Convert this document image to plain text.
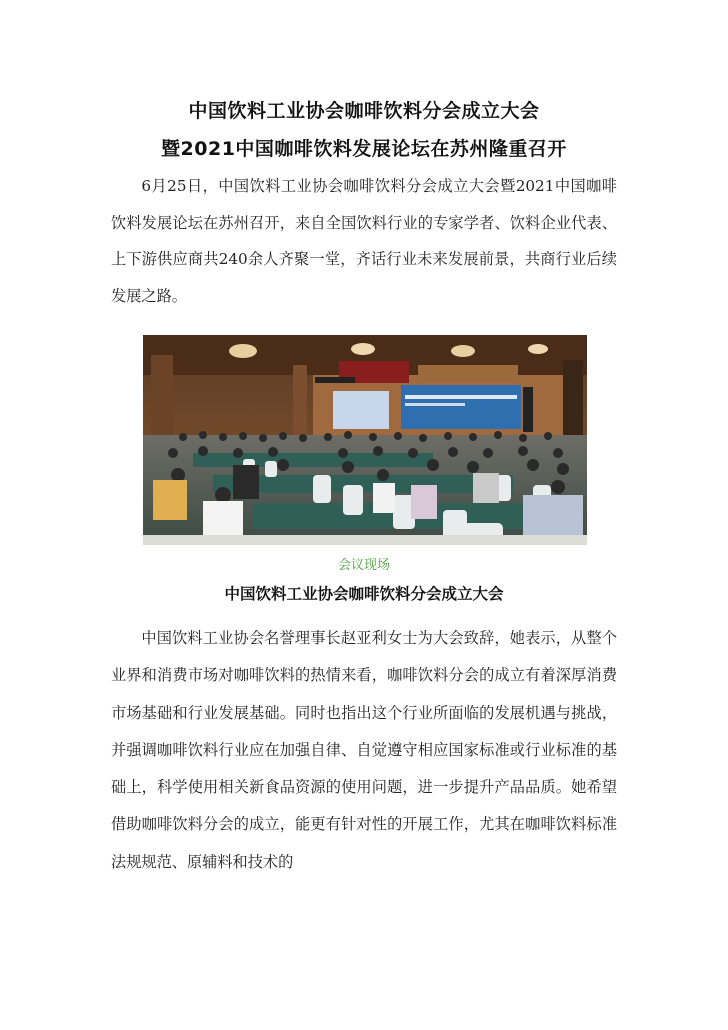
中国饮料工业协会咖啡饮料分会成立大会
暨2021中国咖啡饮料发展论坛在苏州隆重召开

6月25日，中国饮料工业协会咖啡饮料分会成立大会暨2021中国咖啡饮料发展论坛在苏州召开，来自全国饮料行业的专家学者、饮料企业代表、上下游供应商共240余人齐聚一堂，齐话行业未来发展前景，共商行业后续发展之路。

会议现场
中国饮料工业协会咖啡饮料分会成立大会

中国饮料工业协会名誉理事长赵亚利女士为大会致辞，她表示，从整个业界和消费市场对咖啡饮料的热情来看，咖啡饮料分会的成立有着深厚消费市场基础和行业发展基础。同时也指出这个行业所面临的发展机遇与挑战，并强调咖啡饮料行业应在加强自律、自觉遵守相应国家标准或行业标准的基础上，科学使用相关新食品资源的使用问题，进一步提升产品品质。她希望借助咖啡饮料分会的成立，能更有针对性的开展工作，尤其在咖啡饮料标准法规规范、原辅料和技术的
